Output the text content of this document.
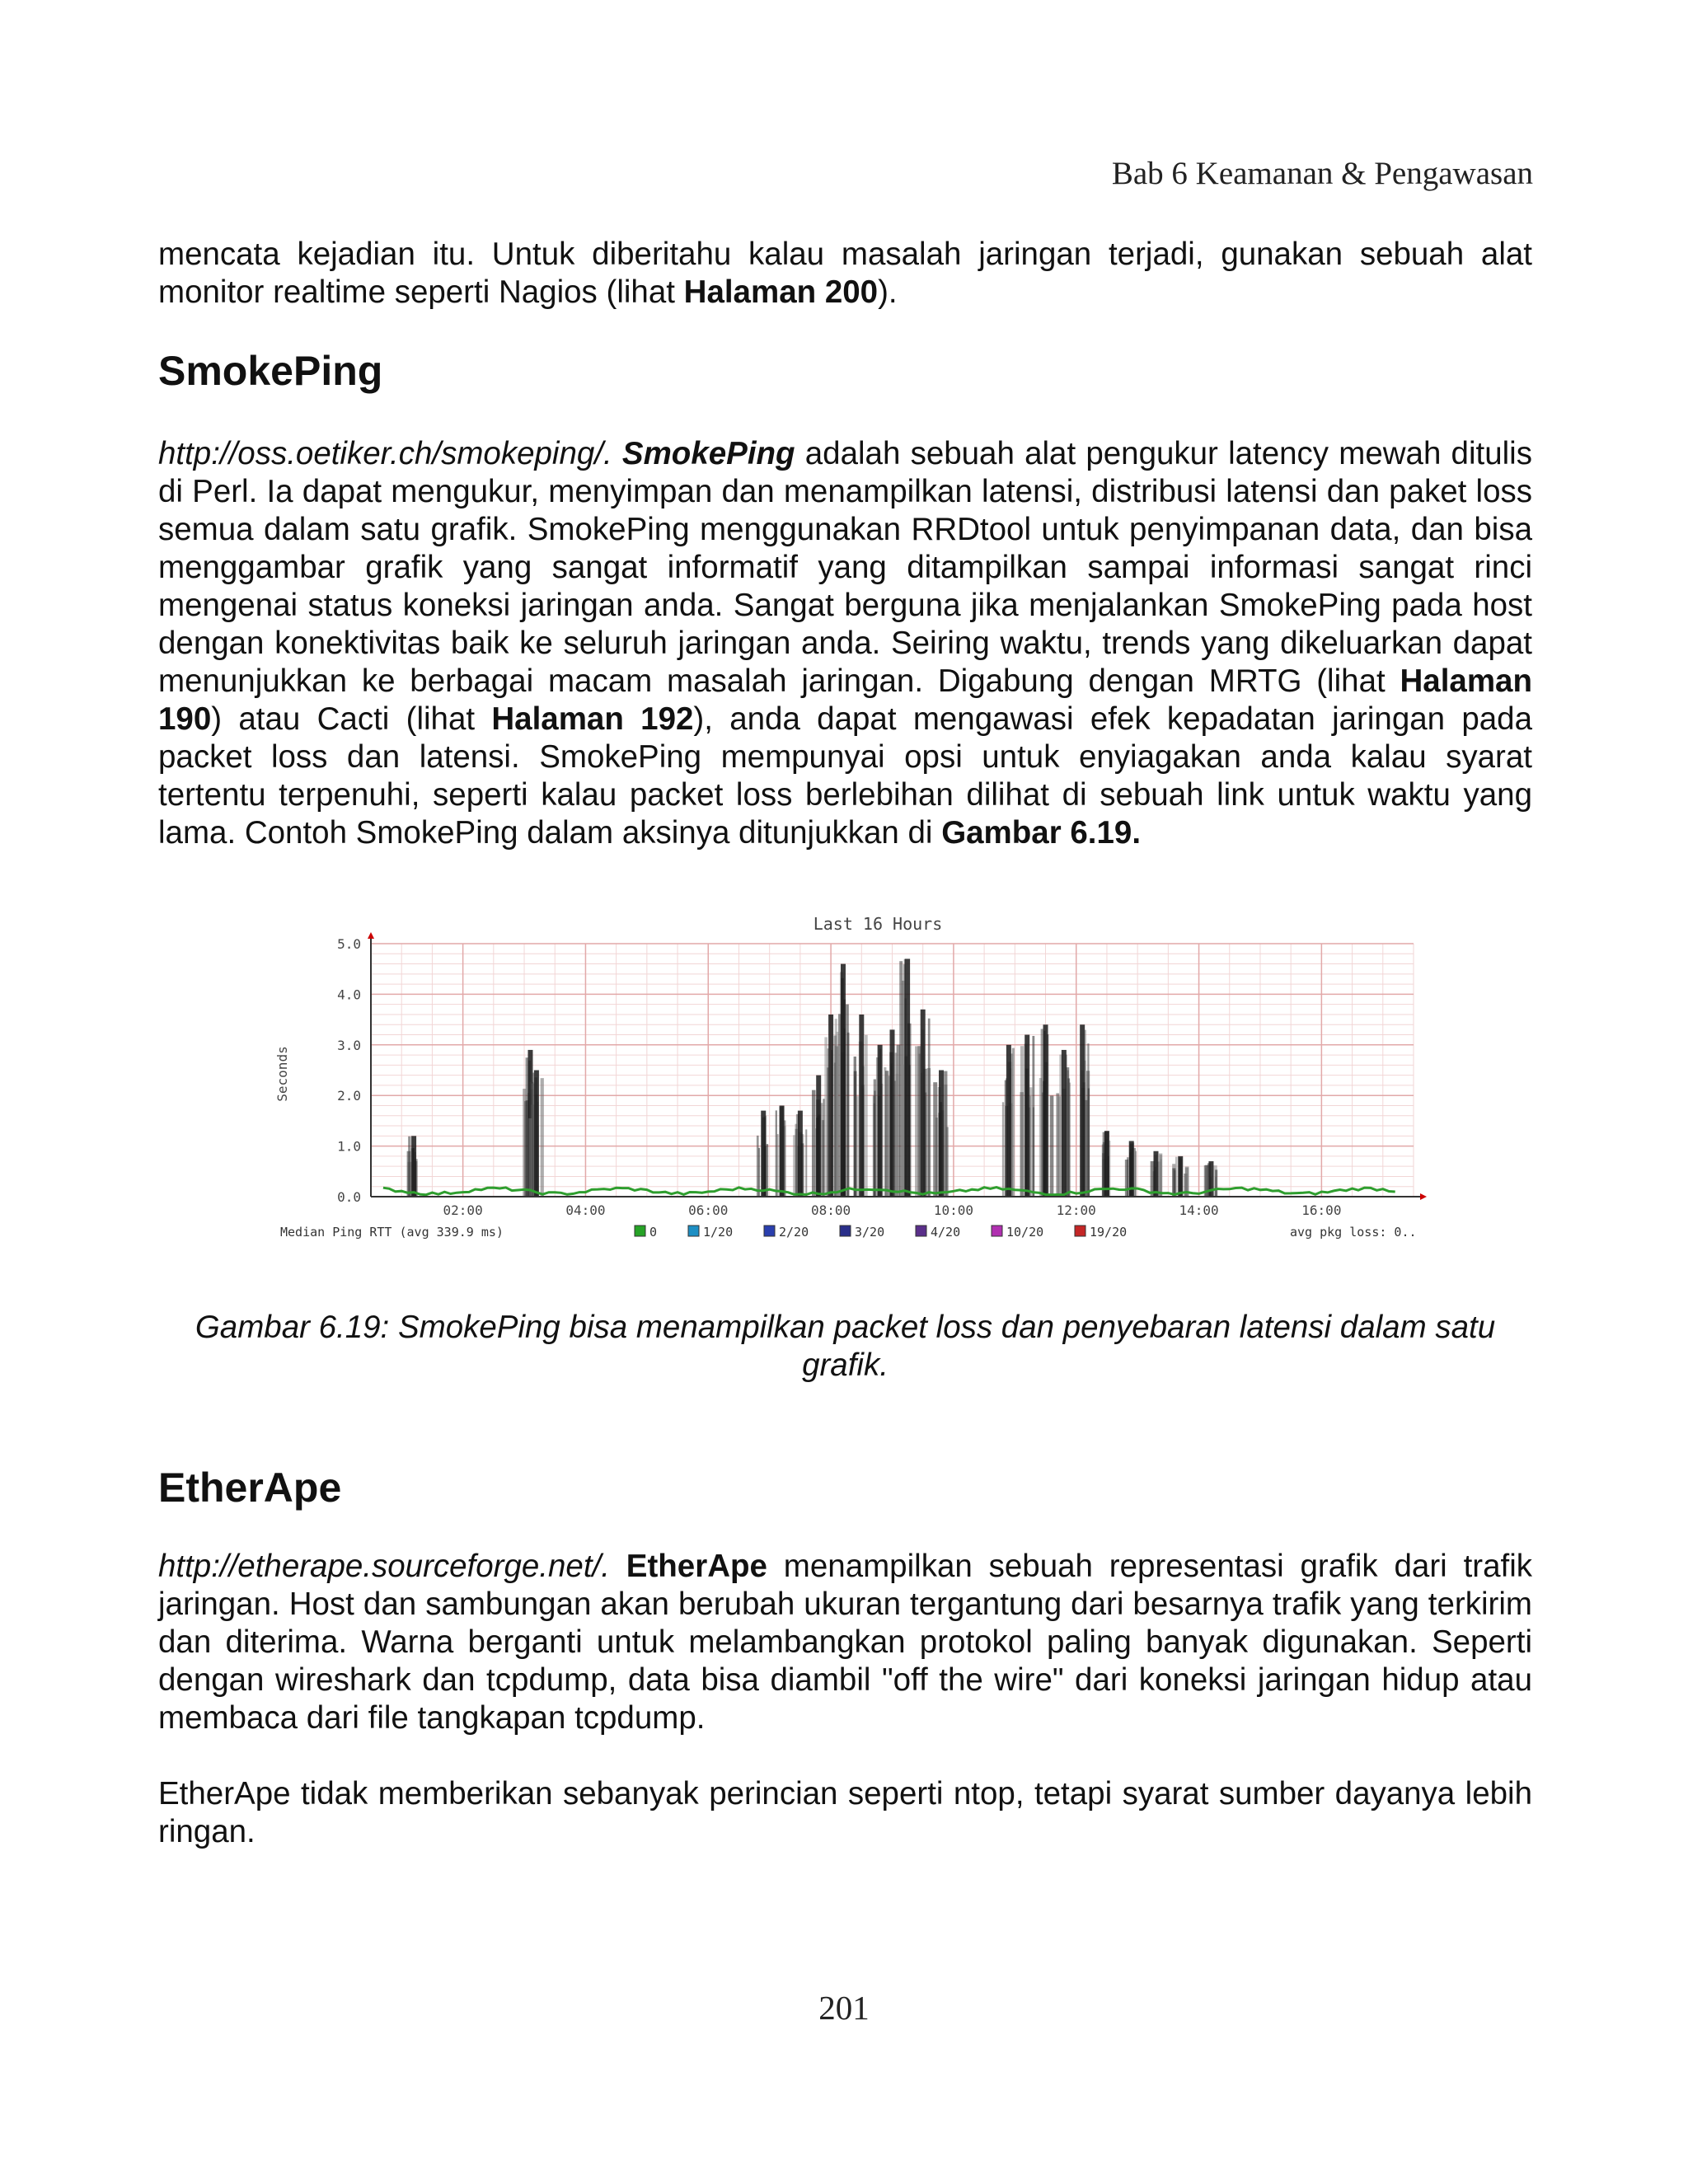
Bab 6 Keamanan & Pengawasan

mencata kejadian itu. Untuk diberitahu kalau masalah jaringan terjadi, gunakan sebuah alat monitor realtime seperti Nagios (lihat Halaman 200).

SmokePing

http://oss.oetiker.ch/smokeping/. SmokePing adalah sebuah alat pengukur latency mewah ditulis di Perl. Ia dapat mengukur, menyimpan dan menampilkan latensi, distribusi latensi dan paket loss semua dalam satu grafik. SmokePing menggunakan RRDtool untuk penyimpanan data, dan bisa menggambar grafik yang sangat informatif yang ditampilkan sampai informasi sangat rinci mengenai status koneksi jaringan anda. Sangat berguna jika menjalankan SmokePing pada host dengan konektivitas baik ke seluruh jaringan anda. Seiring waktu, trends yang dikeluarkan dapat menunjukkan ke berbagai macam masalah jaringan. Digabung dengan MRTG (lihat Halaman 190) atau Cacti (lihat Halaman 192), anda dapat mengawasi efek kepadatan jaringan pada packet loss dan latensi. SmokePing mempunyai opsi untuk enyiagakan anda kalau syarat tertentu terpenuhi, seperti kalau packet loss berlebihan dilihat di sebuah link untuk waktu yang lama. Contoh SmokePing dalam aksinya ditunjukkan di Gambar 6.19.

Last 16 Hours
Seconds
0.0
1.0
2.0
3.0
4.0
5.0
02:00	04:00	06:00	08:00	10:00	12:00	14:00	16:00
Median Ping RTT (avg 339.9 ms)	0	1/20	2/20	3/20	4/20	10/20	19/20	avg pkg loss: 0..
Gambar 6.19: SmokePing bisa menampilkan packet loss dan penyebaran latensi dalam satu grafik.
EtherApe

http://etherape.sourceforge.net/. EtherApe menampilkan sebuah representasi grafik dari trafik jaringan. Host dan sambungan akan berubah ukuran tergantung dari besarnya trafik yang terkirim dan diterima. Warna berganti untuk melambangkan protokol paling banyak digunakan. Seperti dengan wireshark dan tcpdump, data bisa diambil "off the wire" dari koneksi jaringan hidup atau membaca dari file tangkapan tcpdump.

EtherApe tidak memberikan sebanyak perincian seperti ntop, tetapi syarat sumber dayanya lebih ringan.

201
